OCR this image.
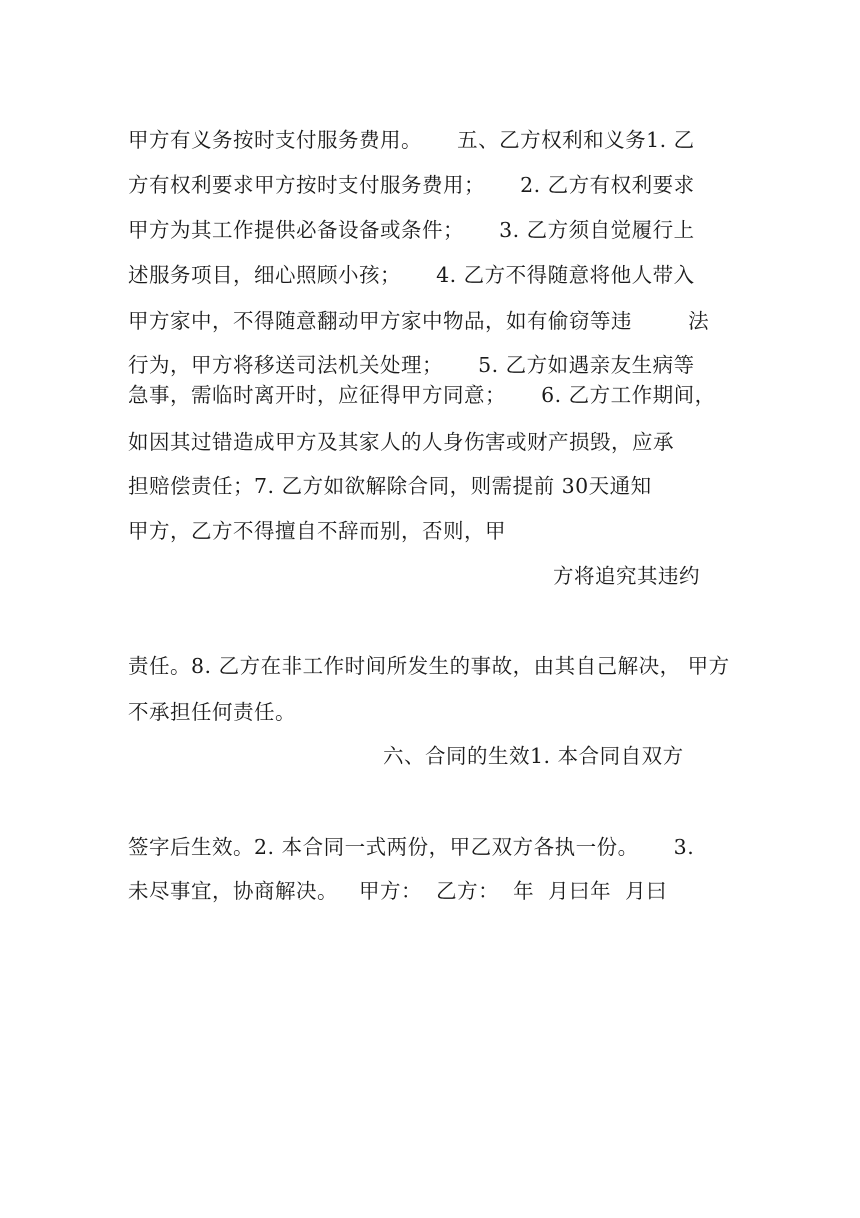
甲方有义务按时支付服务费用。     五、乙方权利和义务1. 乙
方有权利要求甲方按时支付服务费用；     2. 乙方有权利要求
甲方为其工作提供必备设备或条件；     3. 乙方须自觉履行上
述服务项目，细心照顾小孩；     4. 乙方不得随意将他人带入
甲方家中，不得随意翻动甲方家中物品，如有偷窃等违        法
行为，甲方将移送司法机关处理；     5. 乙方如遇亲友生病等
急事，需临时离开时，应征得甲方同意；     6. 乙方工作期间，
如因其过错造成甲方及其家人的人身伤害或财产损毁，应承
担赔偿责任；7. 乙方如欲解除合同，则需提前 30天通知
甲方，乙方不得擅自不辞而别，否则，甲
方将追究其违约
责任。8. 乙方在非工作时间所发生的事故，由其自己解决， 甲方
不承担任何责任。
六、合同的生效1. 本合同自双方
签字后生效。2. 本合同一式两份，甲乙双方各执一份。     3.
未尽事宜，协商解决。   甲方：  乙方：  年  月曰年  月曰
